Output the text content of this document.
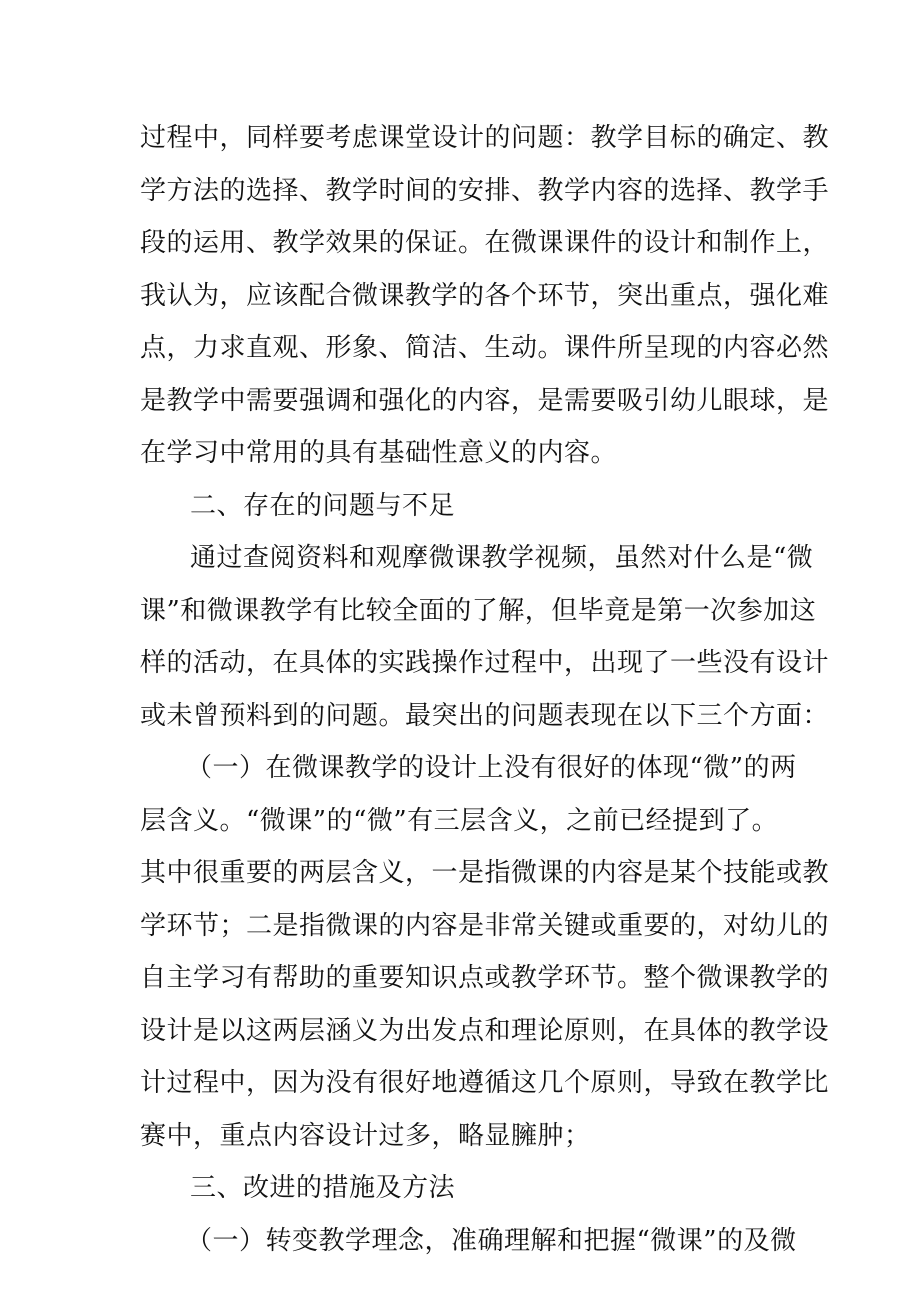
过程中，同样要考虑课堂设计的问题：教学目标的确定、教
学方法的选择、教学时间的安排、教学内容的选择、教学手
段的运用、教学效果的保证。在微课课件的设计和制作上，
我认为，应该配合微课教学的各个环节，突出重点，强化难
点，力求直观、形象、简洁、生动。课件所呈现的内容必然
是教学中需要强调和强化的内容，是需要吸引幼儿眼球，是
在学习中常用的具有基础性意义的内容。
二、存在的问题与不足
通过查阅资料和观摩微课教学视频，虽然对什么是“微
课”和微课教学有比较全面的了解，但毕竟是第一次参加这
样的活动，在具体的实践操作过程中，出现了一些没有设计
或未曾预料到的问题。最突出的问题表现在以下三个方面：
（一）在微课教学的设计上没有很好的体现“微”的两
层含义。“微课”的“微”有三层含义，之前已经提到了。
其中很重要的两层含义，一是指微课的内容是某个技能或教
学环节；二是指微课的内容是非常关键或重要的，对幼儿的
自主学习有帮助的重要知识点或教学环节。整个微课教学的
设计是以这两层涵义为出发点和理论原则，在具体的教学设
计过程中，因为没有很好地遵循这几个原则，导致在教学比
赛中，重点内容设计过多，略显臃肿；
三、改进的措施及方法
（一）转变教学理念，准确理解和把握“微课”的及微
